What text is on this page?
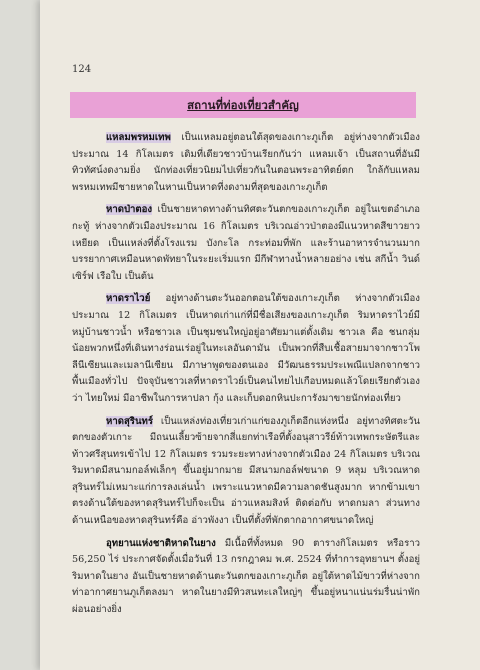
124
สถานที่ท่องเที่ยวสำคัญ

แหลมพรหมเทพ เป็นแหลมอยู่ตอนใต้สุดของเกาะภูเก็ต อยู่ห่างจากตัวเมืองประมาณ 14 กิโลเมตร เดิมที่เดียวชาวบ้านเรียกกันว่า แหลมเจ้า เป็นสถานที่อันมีทิวทัศน์งดงามยิ่ง นักท่องเที่ยวนิยมไปเที่ยวกันในตอนพระอาทิตย์ตก ใกล้กับแหลมพรหมเทพมีชายหาดในหานเป็นหาดที่งดงามที่สุดของเกาะภูเก็ต

หาดป่าตอง เป็นชายหาดทางด้านทิศตะวันตกของเกาะภูเก็ต อยู่ในเขตอำเภอกะทู้ ห่างจากตัวเมืองประมาณ 16 กิโลเมตร บริเวณอ่าวป่าตองมีแนวหาดสีขาวยาวเหยียด เป็นแหล่งที่ตั้งโรงแรม บังกะโล กระท่อมที่พัก และร้านอาหารจำนวนมาก บรรยากาศเหมือนหาดพัทยาในระยะเริ่มแรก มีกีฬาทางน้ำหลายอย่าง เช่น สกีน้ำ วินด์เซิร์ฟ เรือใบ เป็นต้น

หาดราไวย์ อยู่ทางด้านตะวันออกตอนใต้ของเกาะภูเก็ต ห่างจากตัวเมืองประมาณ 12 กิโลเมตร เป็นหาดเก่าแก่ที่มีชื่อเสียงของเกาะภูเก็ต ริมหาดราไวย์มีหมู่บ้านชาวน้ำ หรือชาวเล เป็นชุมชนใหญ่อยู่อาศัยมาแต่ดั้งเดิม ชาวเล คือ ชนกลุ่มน้อยพวกหนึ่งที่เดินทางร่อนเร่อยู่ในทะเลอันดามัน เป็นพวกที่สืบเชื้อสายมาจากชาวโพลีนีเซียนและเมลานีเซียน มีภาษาพูดของตนเอง มีวัฒนธรรมประเพณีแปลกจากชาวพื้นเมืองทั่วไป ปัจจุบันชาวเลที่หาดราไวย์เป็นคนไทยไปเกือบหมดแล้วโดยเรียกตัวเองว่า ไทยใหม่ มีอาชีพในการหาปลา กุ้ง และเก็บดอกหินปะการังมาขายนักท่องเที่ยว

หาดสุรินทร์ เป็นแหล่งท่องเที่ยวเก่าแก่ของภูเก็ตอีกแห่งหนึ่ง อยู่ทางทิศตะวันตกของตัวเกาะ มีถนนเลี้ยวซ้ายจากสี่แยกท่าเรือที่ตั้งอนุสาวรีย์ท้าวเทพกระษัตรีและท้าวศรีสุนทรเข้าไป 12 กิโลเมตร รวมระยะทางห่างจากตัวเมือง 24 กิโลเมตร บริเวณริมหาดมีสนามกอล์ฟเล็กๆ ขึ้นอยู่มากมาย มีสนามกอล์ฟขนาด 9 หลุม บริเวณหาดสุรินทร์ไม่เหมาะแก่การลงเล่นน้ำ เพราะแนวหาดมีความลาดชันสูงมาก หากข้ามเขาตรงด้านใต้ของหาดสุรินทร์ไปก็จะเป็น อ่าวแหลมสิงห์ ติดต่อกับ หาดกมลา ส่วนทางด้านเหนือของหาดสุรินทร์คือ อ่าวพังงา เป็นที่ตั้งที่พักตากอากาศขนาดใหญ่

อุทยานแห่งชาติหาดในยาง มีเนื้อที่ทั้งหมด 90 ตารางกิโลเมตร หรือราว 56,250 ไร่ ประกาศจัดตั้งเมื่อวันที่ 13 กรกฎาคม พ.ศ. 2524 ที่ทำการอุทยานฯ ตั้งอยู่ริมหาดในยาง อันเป็นชายหาดด้านตะวันตกของเกาะภูเก็ต อยู่ใต้หาดไม้ขาวที่ห่างจากท่าอากาศยานภูเก็ตลงมา หาดในยางมีทิวสนทะเลใหญ่ๆ ขึ้นอยู่หนาแน่นร่มรื่นน่าพักผ่อนอย่างยิ่ง
